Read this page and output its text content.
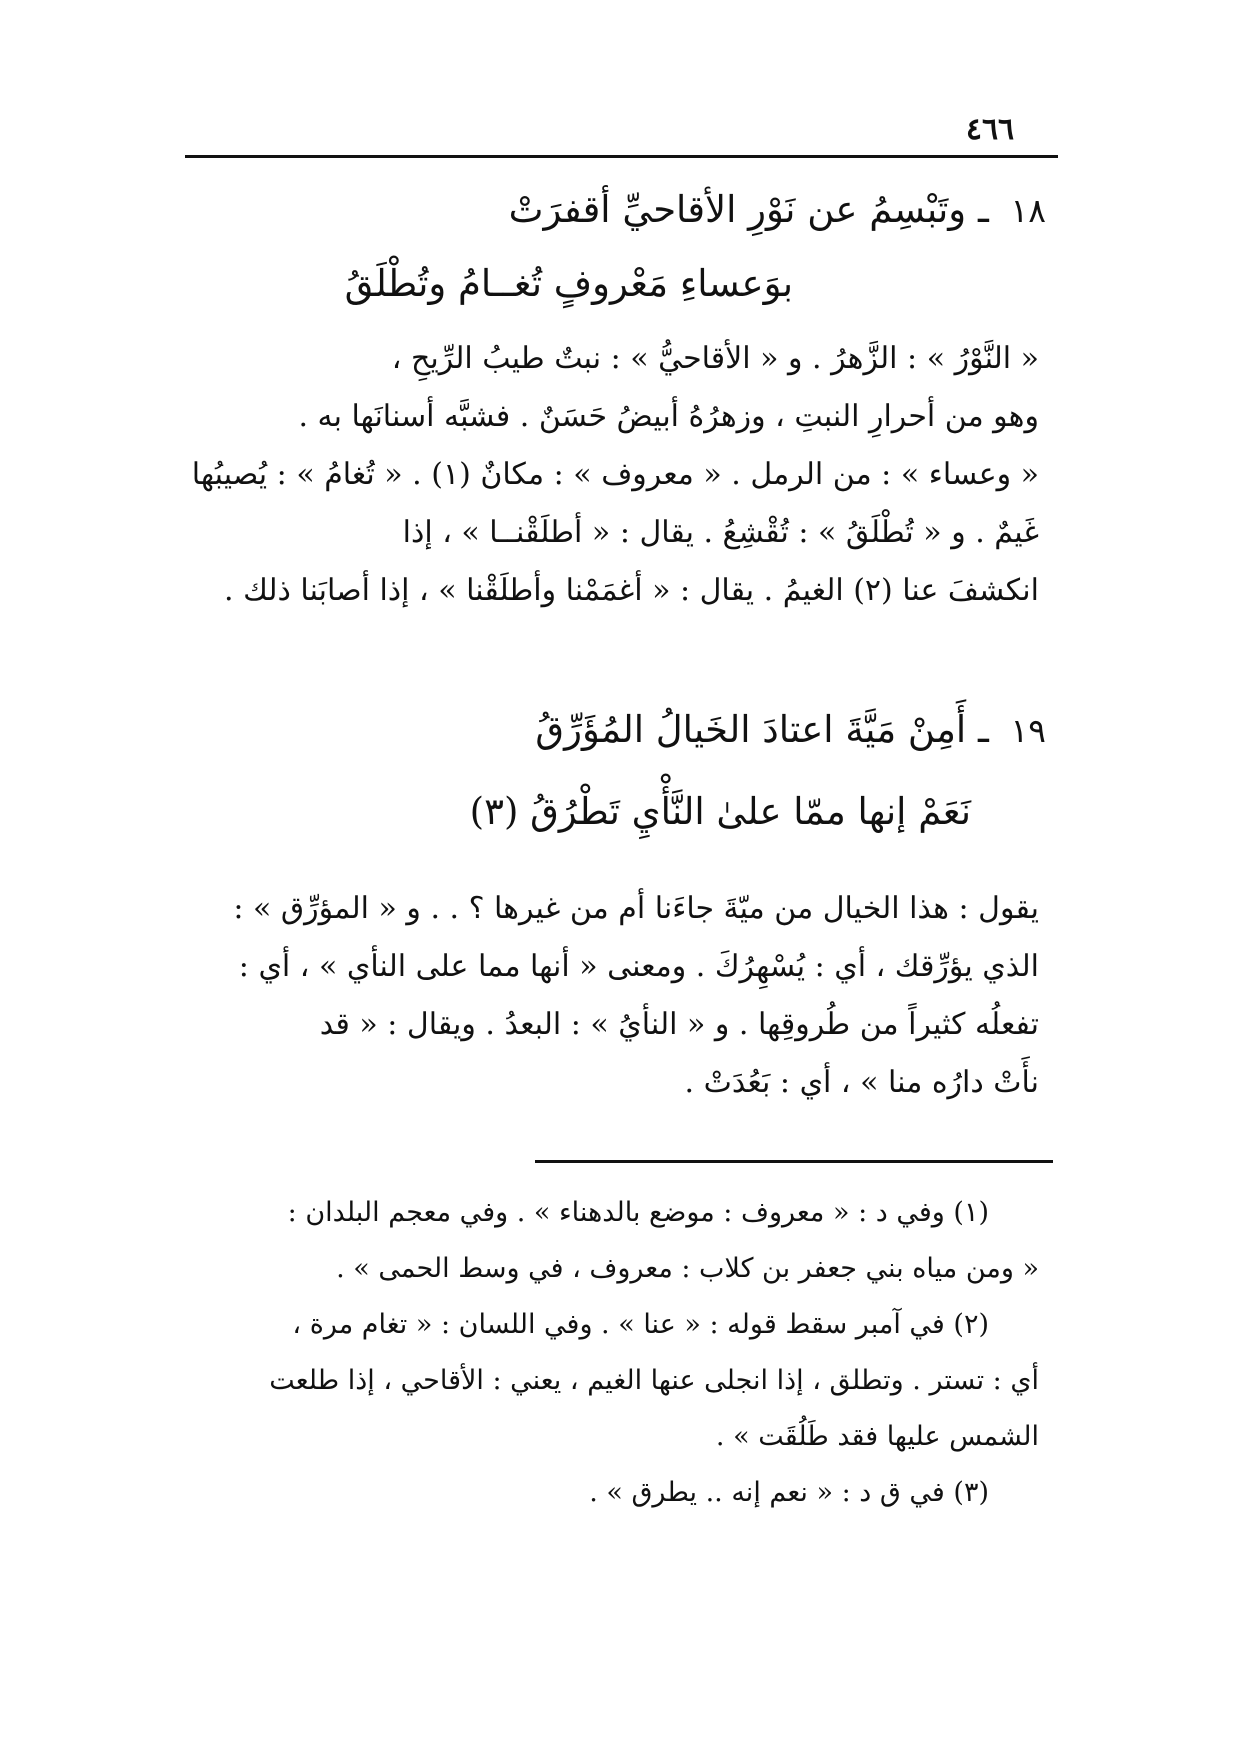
٤٦٦
١٨ ـ وتَبْسِمُ عن نَوْرِ الأقاحيِّ أقفرَتْ
بوَعساءِ مَعْروفٍ تُغــامُ وتُطْلَقُ
« النَّوْرُ » : الزَّهرُ . و « الأقاحيُّ » : نبتٌ طيبُ الرِّيحِ ،
وهو من أحرارِ النبتِ ، وزهرُهُ أبيضُ حَسَنٌ . فشبَّه أسنانَها به .
« وعساء » : من الرمل . « معروف » : مكانٌ (١) . « تُغامُ » : يُصيبُها
غَيمٌ . و « تُطْلَقُ » : تُقْشِعُ . يقال : « أطلَقْنــا » ، إذا
انكشفَ عنا (٢) الغيمُ . يقال : « أغمَمْنا وأطلَقْنا » ، إذا أصابَنا ذلك .
١٩ ـ أَمِنْ مَيَّةَ اعتادَ الخَيالُ المُؤَرِّقُ
نَعَمْ إنها ممّا علىٰ النَّأْيِ تَطْرُقُ (٣)
يقول : هذا الخيال من ميّةَ جاءَنا أم من غيرها ؟ . . و « المؤرِّق » :
الذي يؤرِّقك ، أي : يُسْهِرُكَ . ومعنى « أنها مما على النأي » ، أي :
تفعلُه كثيراً من طُروقِها . و « النأيُ » : البعدُ . ويقال : « قد
نأَتْ دارُه منا » ، أي : بَعُدَتْ .
(١) وفي د : « معروف : موضع بالدهناء » . وفي معجم البلدان :
« ومن مياه بني جعفر بن كلاب : معروف ، في وسط الحمى » .
(٢) في آمبر سقط قوله : « عنا » . وفي اللسان : « تغام مرة ،
أي : تستر . وتطلق ، إذا انجلى عنها الغيم ، يعني : الأقاحي ، إذا طلعت
الشمس عليها فقد طَلُقَت » .
(٣) في ق د : « نعم إنه .. يطرق » .
